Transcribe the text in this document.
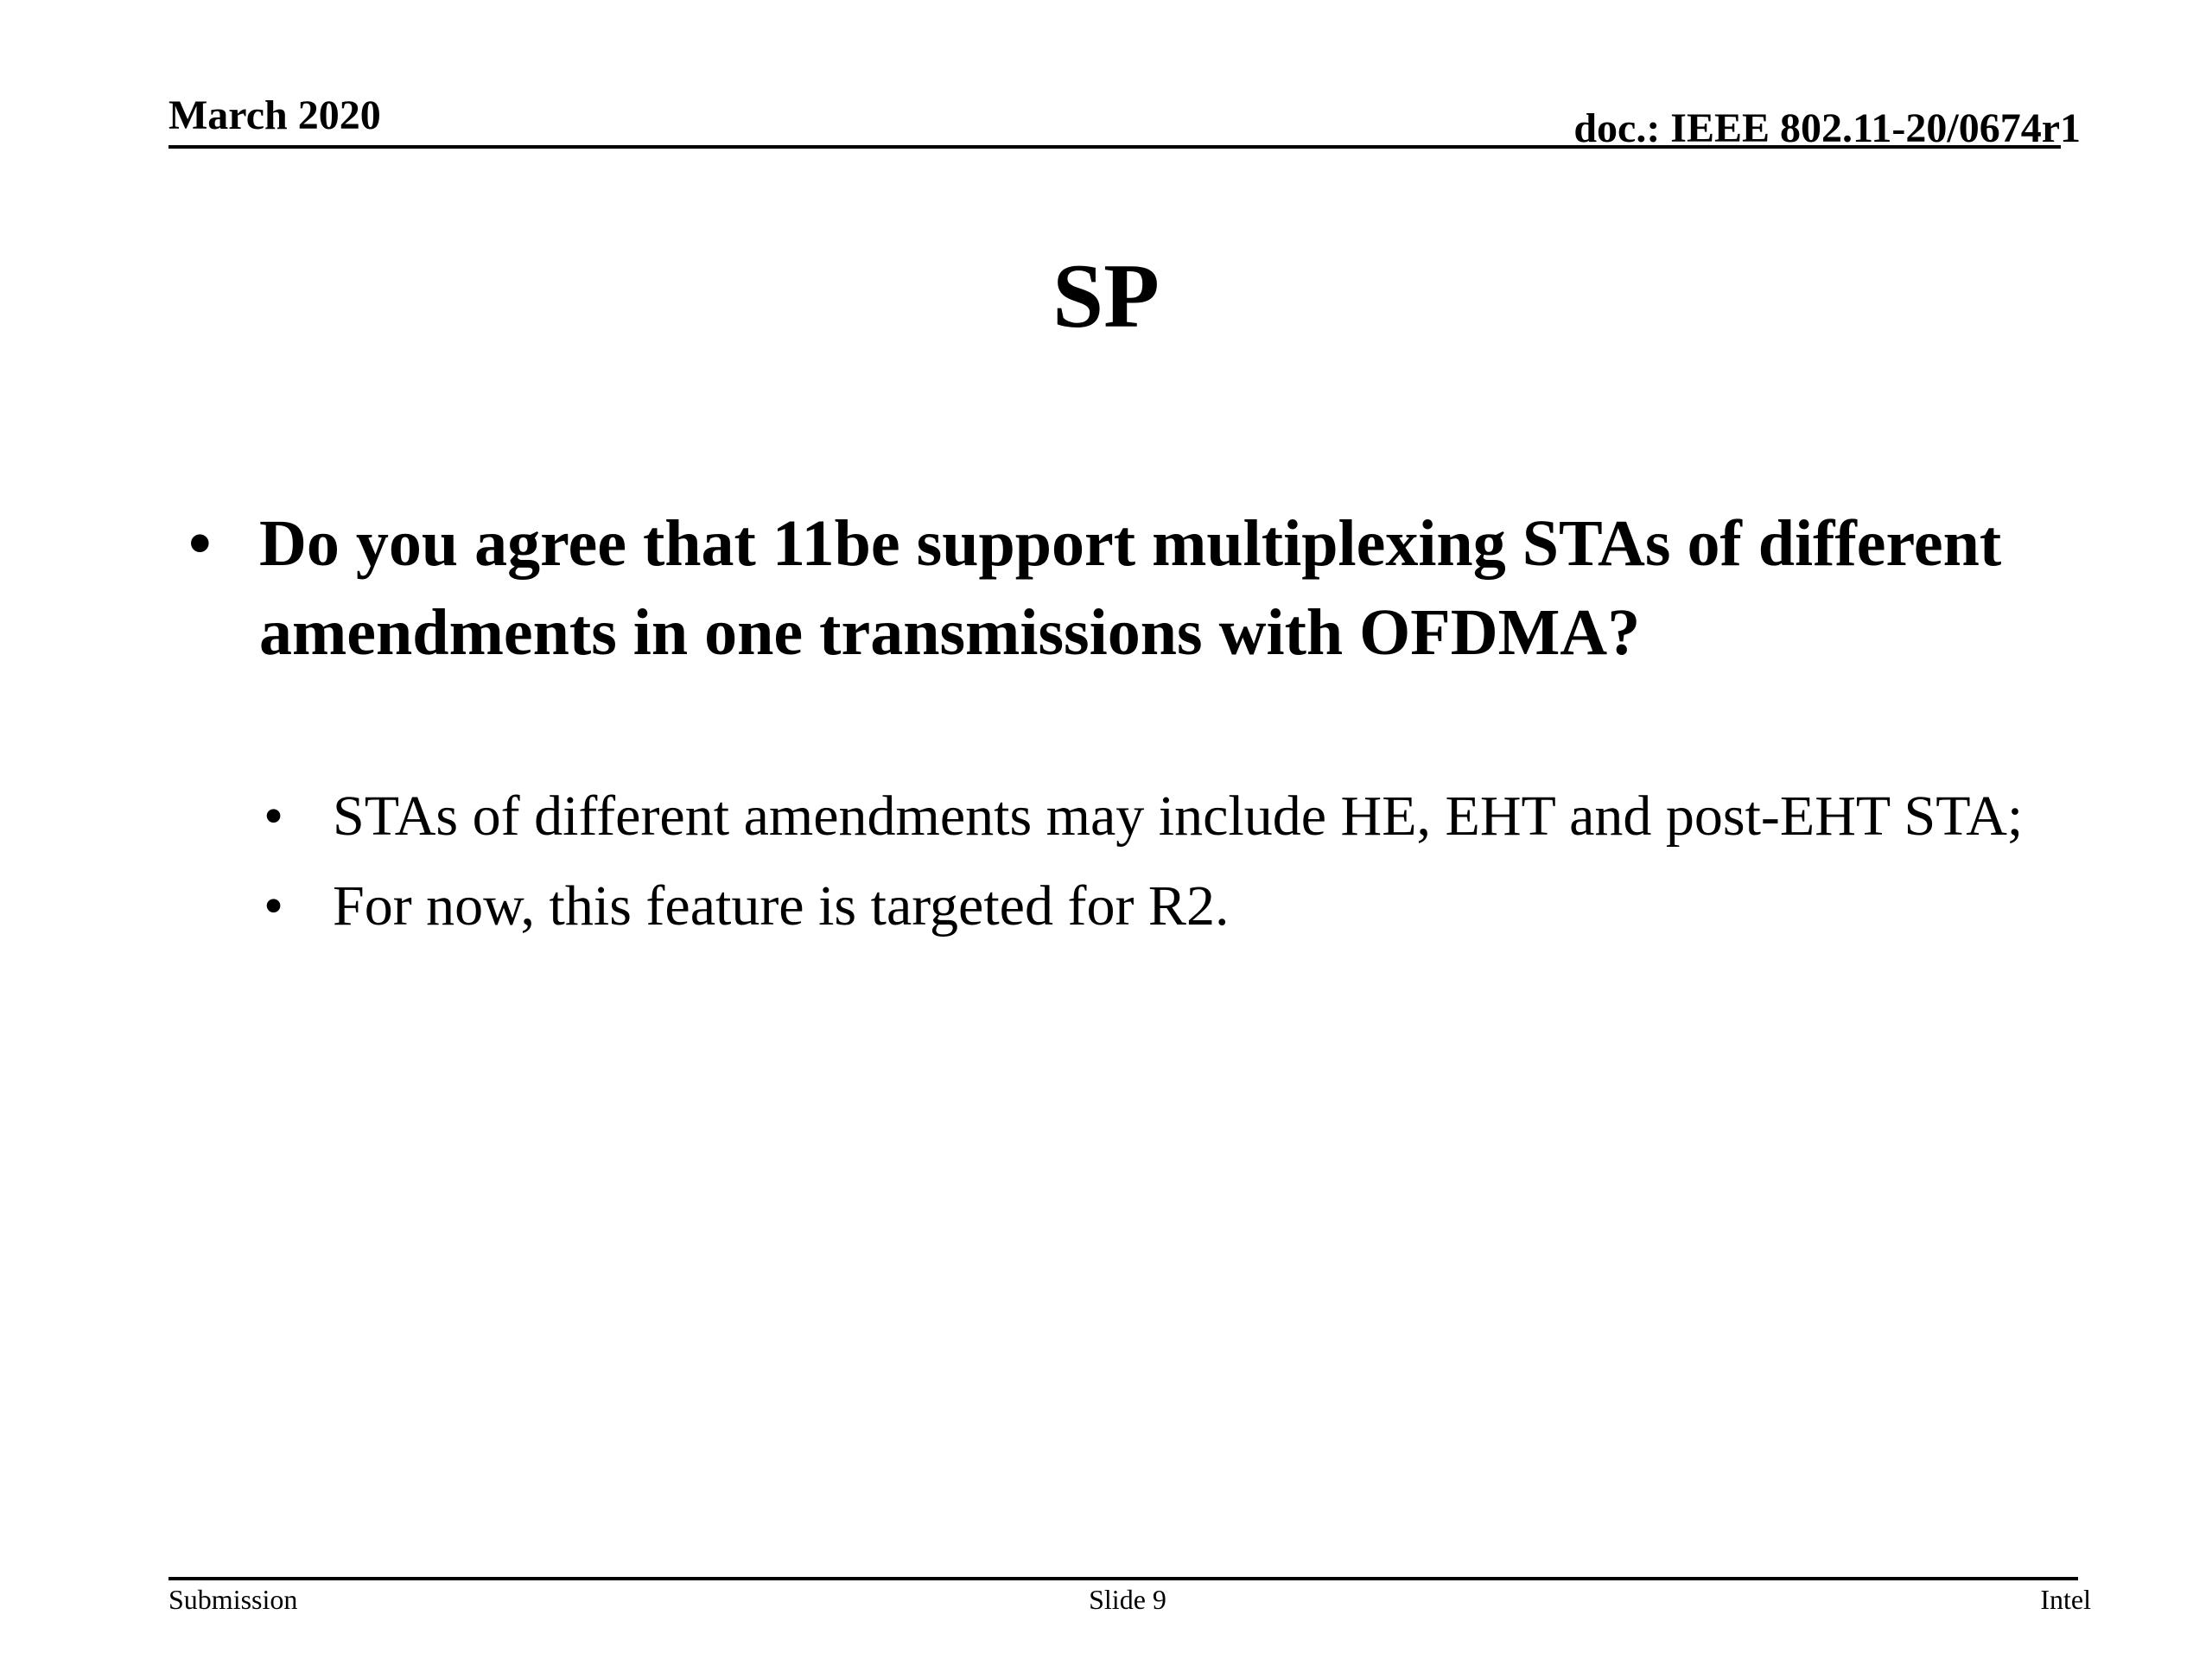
March 2020	doc.: IEEE 802.11-20/0674r1
SP
• Do you agree that 11be support multiplexing STAs of different amendments in one transmissions with OFDMA?
• STAs of different amendments may include HE, EHT and post-EHT STA;
• For now, this feature is targeted for R2.
Submission	Slide 9	Intel
